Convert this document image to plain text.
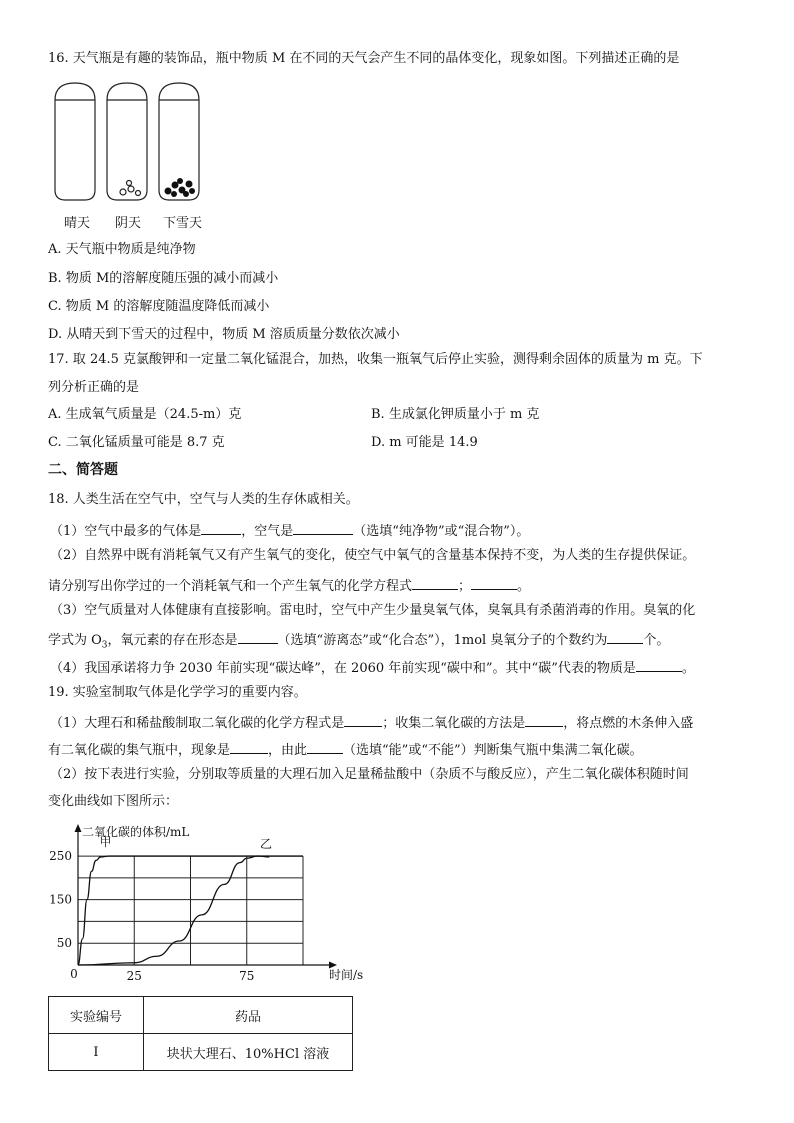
16. 天气瓶是有趣的装饰品，瓶中物质 M 在不同的天气会产生不同的晶体变化，现象如图。下列描述正确的是
晴天 阴天 下雪天
A. 天气瓶中物质是纯净物
B. 物质 M的溶解度随压强的减小而减小
C. 物质 M 的溶解度随温度降低而减小
D. 从晴天到下雪天的过程中，物质 M 溶质质量分数依次减小
17. 取 24.5 克氯酸钾和一定量二氧化锰混合，加热，收集一瓶氧气后停止实验，测得剩余固体的质量为 m 克。下
列分析正确的是
A. 生成氧气质量是（24.5-m）克	B. 生成氯化钾质量小于 m 克
C. 二氧化锰质量可能是 8.7 克	D. m 可能是 14.9
二、简答题
18. 人类生活在空气中，空气与人类的生存休戚相关。
（1）空气中最多的气体是	，空气是	（选填“纯净物”或“混合物”）。
（2）自然界中既有消耗氧气又有产生氧气的变化，使空气中氧气的含量基本保持不变，为人类的生存提供保证。
请分别写出你学过的一个消耗氧气和一个产生氧气的化学方程式	；	。
（3）空气质量对人体健康有直接影响。雷电时，空气中产生少量臭氧气体，臭氧具有杀菌消毒的作用。臭氧的化
学式为 $O_3$，氧元素的存在形态是	（选填“游离态”或“化合态”），1mol 臭氧分子的个数约为	个。
（4）我国承诺将力争 2030 年前实现“碳达峰”，在 2060 年前实现“碳中和”。其中“碳”代表的物质是	。
19. 实验室制取气体是化学学习的重要内容。
（1）大理石和稀盐酸制取二氧化碳的化学方程式是	；收集二氧化碳的方法是	，将点燃的木条伸入盛
有二氧化碳的集气瓶中，现象是	，由此	（选填“能”或“不能”）判断集气瓶中集满二氧化碳。
（2）按下表进行实验，分别取等质量的大理石加入足量稀盐酸中（杂质不与酸反应），产生二氧化碳体积随时间
变化曲线如下图所示：
二氧化碳的体积/mL
时间/s
0	25	75
50
150
250
甲	乙
实验编号	药品
I	块状大理石、10%HCl 溶液
